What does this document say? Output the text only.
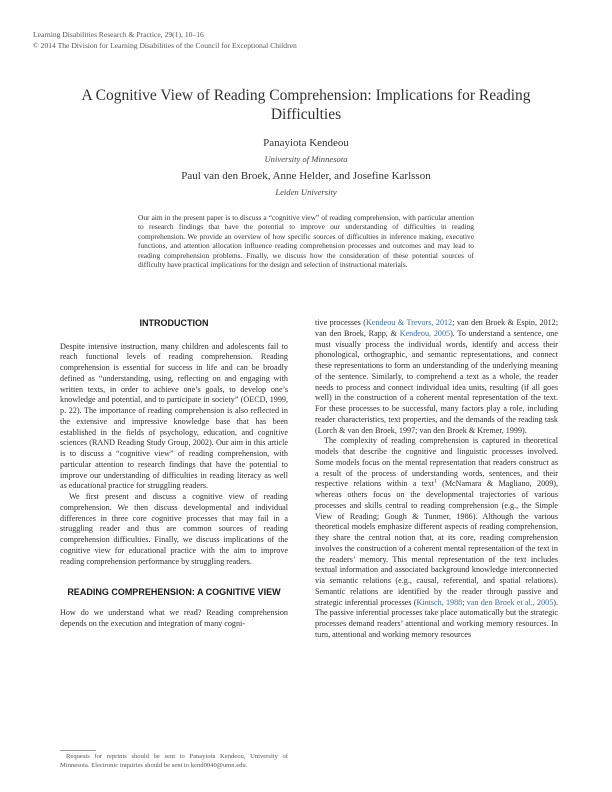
Learning Disabilities Research & Practice, 29(1), 10–16
© 2014 The Division for Learning Disabilities of the Council for Exceptional Children
A Cognitive View of Reading Comprehension: Implications for Reading Difficulties
Panayiota Kendeou
University of Minnesota
Paul van den Broek, Anne Helder, and Josefine Karlsson
Leiden University

Our aim in the present paper is to discuss a “cognitive view” of reading comprehension, with particular attention to research findings that have the potential to improve our understanding of difficulties in reading comprehension. We provide an overview of how specific sources of difficulties in inference making, executive functions, and attention allocation influence reading comprehension processes and outcomes and may lead to reading comprehension problems. Finally, we discuss how the consideration of these potential sources of difficulty have practical implications for the design and selection of instructional materials.

INTRODUCTION

Despite intensive instruction, many children and adolescents fail to reach functional levels of reading comprehension. Reading comprehension is essential for success in life and can be broadly defined as “understanding, using, reflecting on and engaging with written texts, in order to achieve one’s goals, to develop one’s knowledge and potential, and to participate in society” (OECD, 1999, p. 22). The importance of reading comprehension is also reflected in the extensive and impressive knowledge base that has been established in the fields of psychology, education, and cognitive sciences (RAND Reading Study Group, 2002). Our aim in this article is to discuss a “cognitive view” of reading comprehension, with particular attention to research findings that have the potential to improve our understanding of difficulties in reading literacy as well as educational practice for struggling readers.

We first present and discuss a cognitive view of reading comprehension. We then discuss developmental and individual differences in three core cognitive processes that may fail in a struggling reader and thus are common sources of reading comprehension difficulties. Finally, we discuss implications of the cognitive view for educational practice with the aim to improve reading comprehension performance by struggling readers.

READING COMPREHENSION: A COGNITIVE VIEW

How do we understand what we read? Reading comprehension depends on the execution and integration of many cogni-

tive processes (Kendeou & Trevors, 2012; van den Broek & Espin, 2012; van den Broek, Rapp, & Kendeou, 2005). To understand a sentence, one must visually process the individual words, identify and access their phonological, orthographic, and semantic representations, and connect these representations to form an understanding of the underlying meaning of the sentence. Similarly, to comprehend a text as a whole, the reader needs to process and connect individual idea units, resulting (if all goes well) in the construction of a coherent mental representation of the text. For these processes to be successful, many factors play a role, including reader characteristics, text properties, and the demands of the reading task (Lorch & van den Broek, 1997; van den Broek & Kremer, 1999).

The complexity of reading comprehension is captured in theoretical models that describe the cognitive and linguistic processes involved. Some models focus on the mental representation that readers construct as a result of the process of understanding words, sentences, and their respective relations within a text$^1$ (McNamara & Magliano, 2009), whereas others focus on the developmental trajectories of various processes and skills central to reading comprehension (e.g., the Simple View of Reading; Gough & Tunmer, 1986). Although the various theoretical models emphasize different aspects of reading comprehension, they share the central notion that, at its core, reading comprehension involves the construction of a coherent mental representation of the text in the readers’ memory. This mental representation of the text includes textual information and associated background knowledge interconnected via semantic relations (e.g., causal, referential, and spatial relations). Semantic relations are identified by the reader through passive and strategic inferential processes (Kintsch, 1988; van den Broek et al., 2005). The passive inferential processes take place automatically but the strategic processes demand readers’ attentional and working memory resources. In turn, attentional and working memory resources

Requests for reprints should be sent to Panayiota Kendeou, University of Minnesota. Electronic inquiries should be sent to kend0040@umn.edu.
